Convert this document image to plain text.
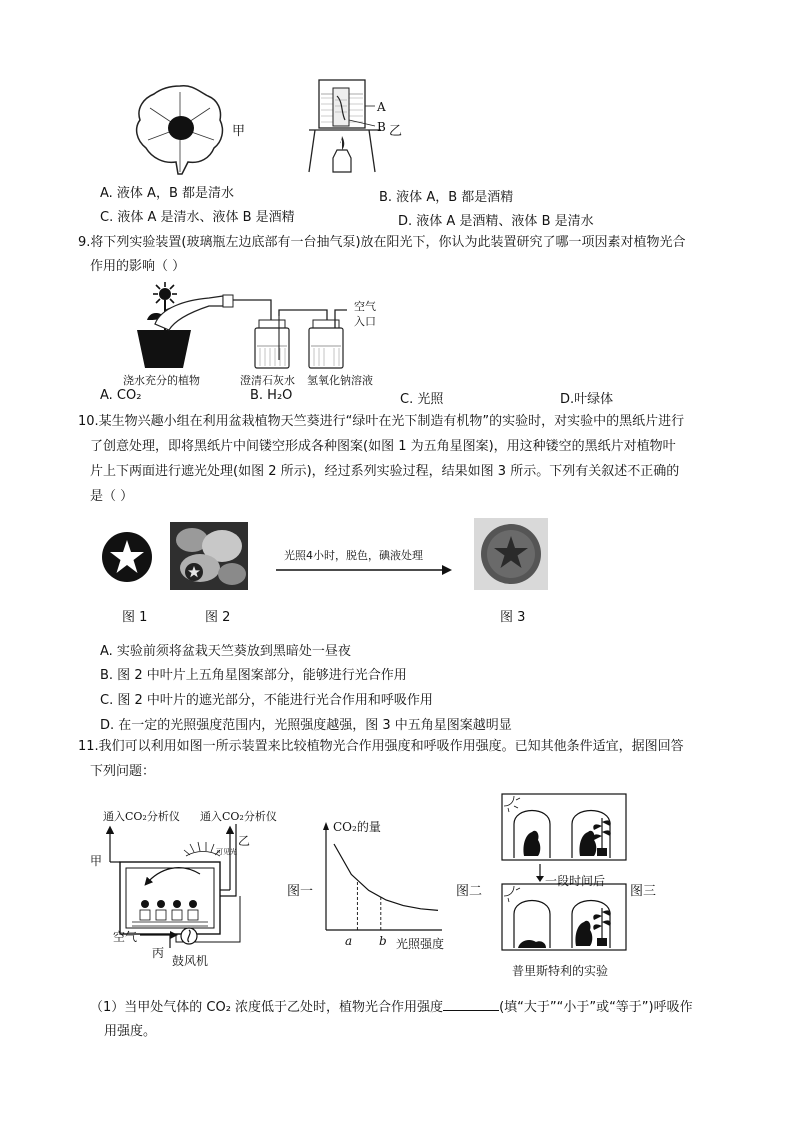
甲
A
B 乙
A. 液体 A，B 都是清水	B. 液体 A，B 都是酒精
C. 液体 A 是清水、液体 B 是酒精	D. 液体 A 是酒精、液体 B 是清水
9.将下列实验装置(玻璃瓶左边底部有一台抽气泵)放在阳光下，你认为此装置研究了哪一项因素对植物光合
作用的影响（ ）
空气
入口
浇水充分的植物	澄清石灰水 氢氧化钠溶液
A. CO₂	B. H₂O	C. 光照	D.叶绿体
10.某生物兴趣小组在利用盆栽植物天竺葵进行“绿叶在光下制造有机物”的实验时，对实验中的黑纸片进行
了创意处理，即将黑纸片中间镂空形成各种图案(如图 1 为五角星图案)，用这种镂空的黑纸片对植物叶
片上下两面进行遮光处理(如图 2 所示)，经过系列实验过程，结果如图 3 所示。下列有关叙述不正确的
是（ ）
光照4小时，脱色，碘液处理
图 1	图 2	图 3
A. 实验前须将盆栽天竺葵放到黑暗处一昼夜
B. 图 2 中叶片上五角星图案部分，能够进行光合作用
C. 图 2 中叶片的遮光部分，不能进行光合作用和呼吸作用
D. 在一定的光照强度范围内，光照强度越强，图 3 中五角星图案越明显
11.我们可以利用如图一所示装置来比较植物光合作用强度和呼吸作用强度。已知其他条件适宜，据图回答
下列问题：
通入CO₂分析仪 通入CO₂分析仪
甲
乙
可见光
空气
丙
鼓风机
图一
CO₂的量
光照强度
a b
图二
一段时间后
图三
普里斯特利的实验
（1）当甲处气体的 CO₂ 浓度低于乙处时，植物光合作用强度	(填“大于”“小于”或“等于”)呼吸作
用强度。
